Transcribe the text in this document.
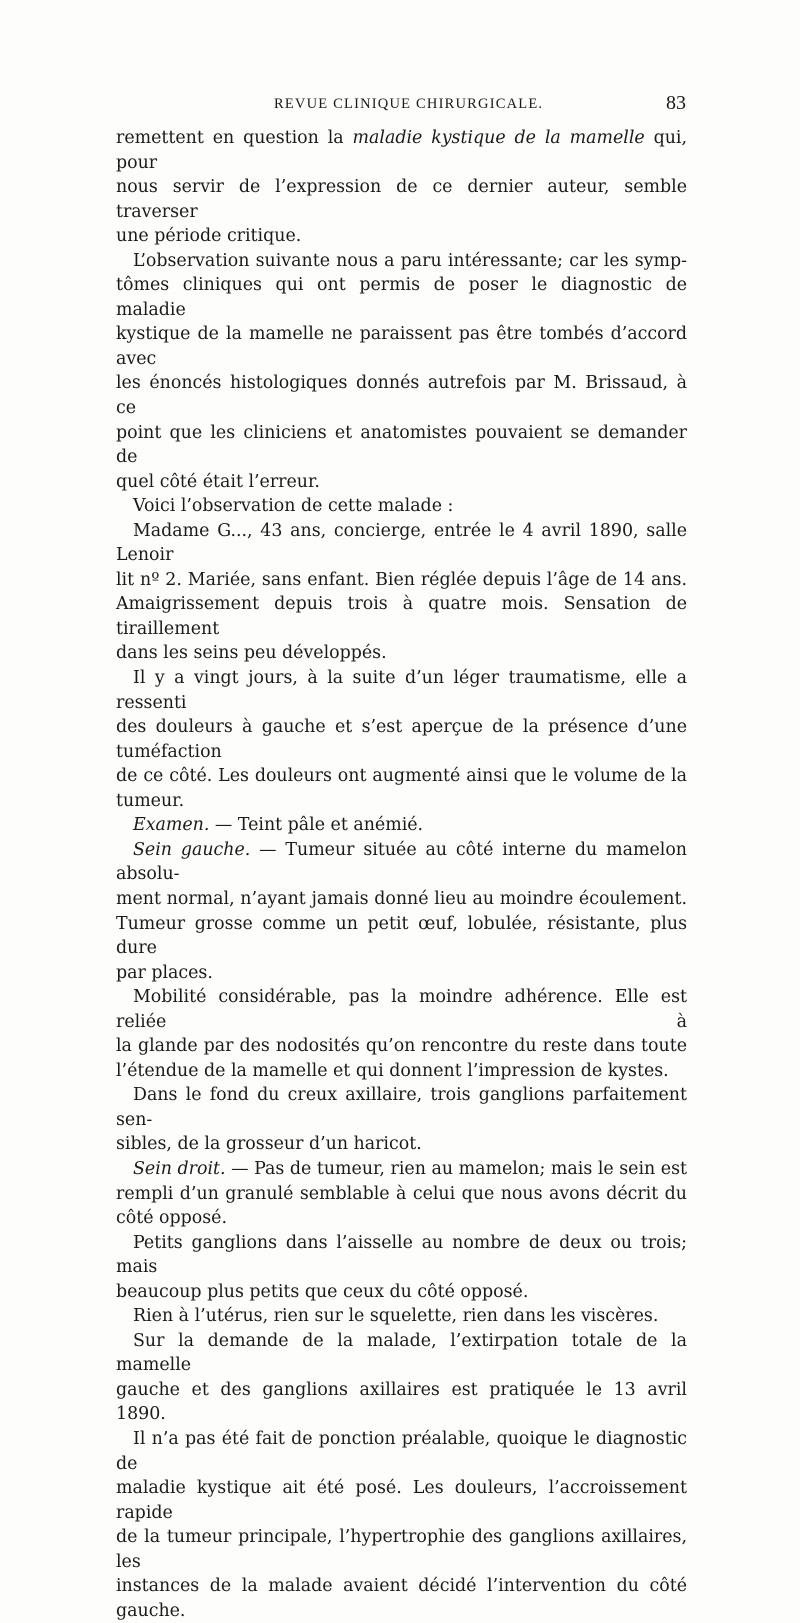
REVUE CLINIQUE CHIRURGICALE.	83

remettent en question la maladie kystique de la mamelle qui, pour

nous servir de l’expression de ce dernier auteur, semble traverser

une période critique.

L’observation suivante nous a paru intéressante; car les symp-

tômes cliniques qui ont permis de poser le diagnostic de maladie

kystique de la mamelle ne paraissent pas être tombés d’accord avec

les énoncés histologiques donnés autrefois par M. Brissaud, à ce

point que les cliniciens et anatomistes pouvaient se demander de

quel côté était l’erreur.

Voici l’observation de cette malade :

Madame G..., 43 ans, concierge, entrée le 4 avril 1890, salle Lenoir

lit nº 2. Mariée, sans enfant. Bien réglée depuis l’âge de 14 ans.

Amaigrissement depuis trois à quatre mois. Sensation de tiraillement

dans les seins peu développés.

Il y a vingt jours, à la suite d’un léger traumatisme, elle a ressenti

des douleurs à gauche et s’est aperçue de la présence d’une tuméfaction

de ce côté. Les douleurs ont augmenté ainsi que le volume de la

tumeur.

Examen. — Teint pâle et anémié.

Sein gauche. — Tumeur située au côté interne du mamelon absolu-

ment normal, n’ayant jamais donné lieu au moindre écoulement.

Tumeur grosse comme un petit œuf, lobulée, résistante, plus dure

par places.

Mobilité considérable, pas la moindre adhérence. Elle est reliée à

la glande par des nodosités qu’on rencontre du reste dans toute

l’étendue de la mamelle et qui donnent l’impression de kystes.

Dans le fond du creux axillaire, trois ganglions parfaitement sen-

sibles, de la grosseur d’un haricot.

Sein droit. — Pas de tumeur, rien au mamelon; mais le sein est

rempli d’un granulé semblable à celui que nous avons décrit du

côté opposé.

Petits ganglions dans l’aisselle au nombre de deux ou trois; mais

beaucoup plus petits que ceux du côté opposé.

Rien à l’utérus, rien sur le squelette, rien dans les viscères.

Sur la demande de la malade, l’extirpation totale de la mamelle

gauche et des ganglions axillaires est pratiquée le 13 avril 1890.

Il n’a pas été fait de ponction préalable, quoique le diagnostic de

maladie kystique ait été posé. Les douleurs, l’accroissement rapide

de la tumeur principale, l’hypertrophie des ganglions axillaires, les

instances de la malade avaient décidé l’intervention du côté gauche.
